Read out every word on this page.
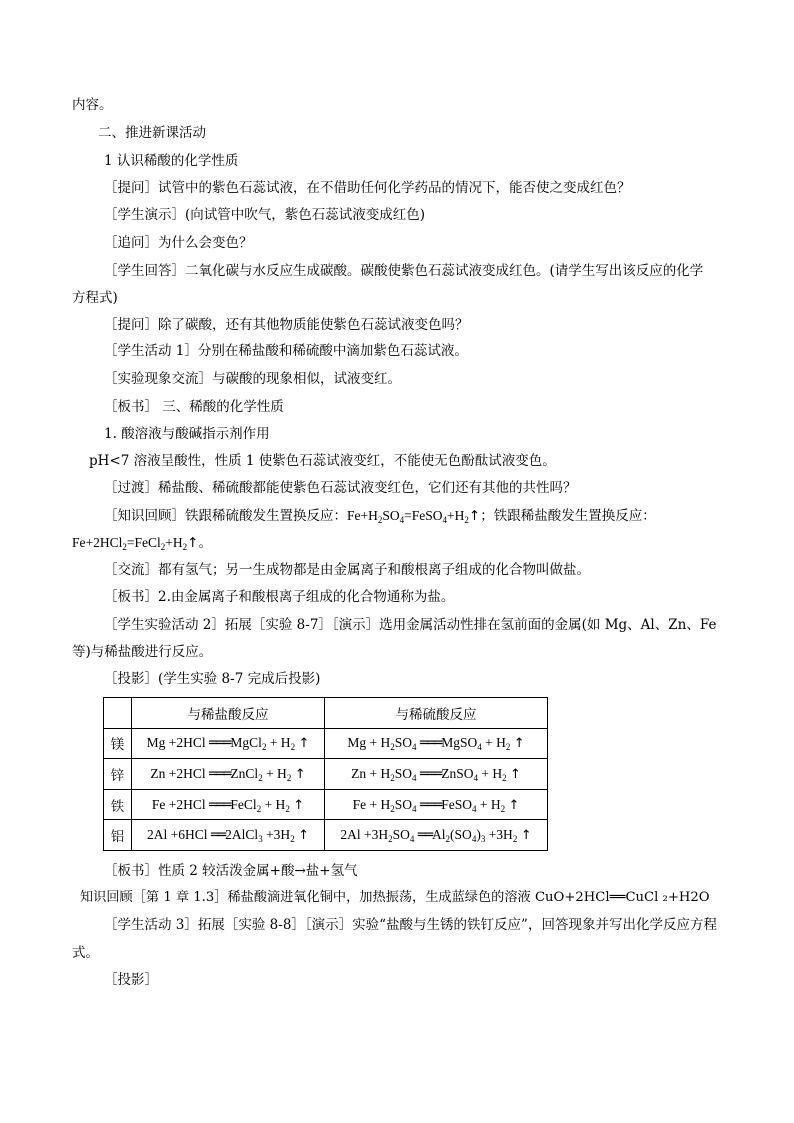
内容。
二、推进新课活动
1 认识稀酸的化学性质
［提问］试管中的紫色石蕊试液，在不借助任何化学药品的情况下，能否使之变成红色？
［学生演示］(向试管中吹气，紫色石蕊试液变成红色)
［追问］为什么会变色？
［学生回答］二氧化碳与水反应生成碳酸。碳酸使紫色石蕊试液变成红色。(请学生写出该反应的化学
方程式)
［提问］除了碳酸，还有其他物质能使紫色石蕊试液变色吗？
［学生活动 1］分别在稀盐酸和稀硫酸中滴加紫色石蕊试液。
［实验现象交流］与碳酸的现象相似，试液变红。
［板书］ 三、稀酸的化学性质
1. 酸溶液与酸碱指示剂作用
pH<7 溶液呈酸性，性质 1 使紫色石蕊试液变红，不能使无色酚酞试液变色。
［过渡］稀盐酸、稀硫酸都能使紫色石蕊试液变红色，它们还有其他的共性吗？
［知识回顾］铁跟稀硫酸发生置换反应：$Fe+H_2SO_4=FeSO_4+H_2↑$；铁跟稀盐酸发生置换反应：
$Fe+2HCl_2=FeCl_2+H_2↑$。
［交流］都有氢气；另一生成物都是由金属离子和酸根离子组成的化合物叫做盐。
［板书］2.由金属离子和酸根离子组成的化合物通称为盐。
［学生实验活动 2］拓展［实验 8-7］［演示］选用金属活动性排在氢前面的金属(如 Mg、Al、Zn、Fe
等)与稀盐酸进行反应。
［投影］(学生实验 8-7 完成后投影)
	与稀盐酸反应	与稀硫酸反应
镁	Mg +2HCl ═══MgCl$_2$ + $H_2$ ↑	$Mg + H_2SO_4$ ═══MgSO$_4$ + $H_2$ ↑
锌	Zn +2HCl ═══ZnCl$_2$ + $H_2$ ↑	$Zn + H_2SO_4$ ═══ZnSO$_4$ + $H_2$ ↑
铁	Fe +2HCl ═══FeCl$_2$ + $H_2$ ↑	$Fe + H_2SO_4$ ═══FeSO$_4$ + $H_2$ ↑
铝	2Al +6HCl ══2AlCl$_3$ $+3H_2$ ↑	$2Al +3H_2SO_4$ $══Al_2(SO_4)_3 +3H_2$ ↑
［板书］性质 2 较活泼金属+酸→盐+氢气
知识回顾［第 1 章 1.3］稀盐酸滴进氧化铜中，加热振荡，生成蓝绿色的溶液 CuO+2HCl══CuCl ₂+H2O
［学生活动 3］拓展［实验 8-8］［演示］实验“盐酸与生锈的铁钉反应”，回答现象并写出化学反应方程
式。
［投影］
